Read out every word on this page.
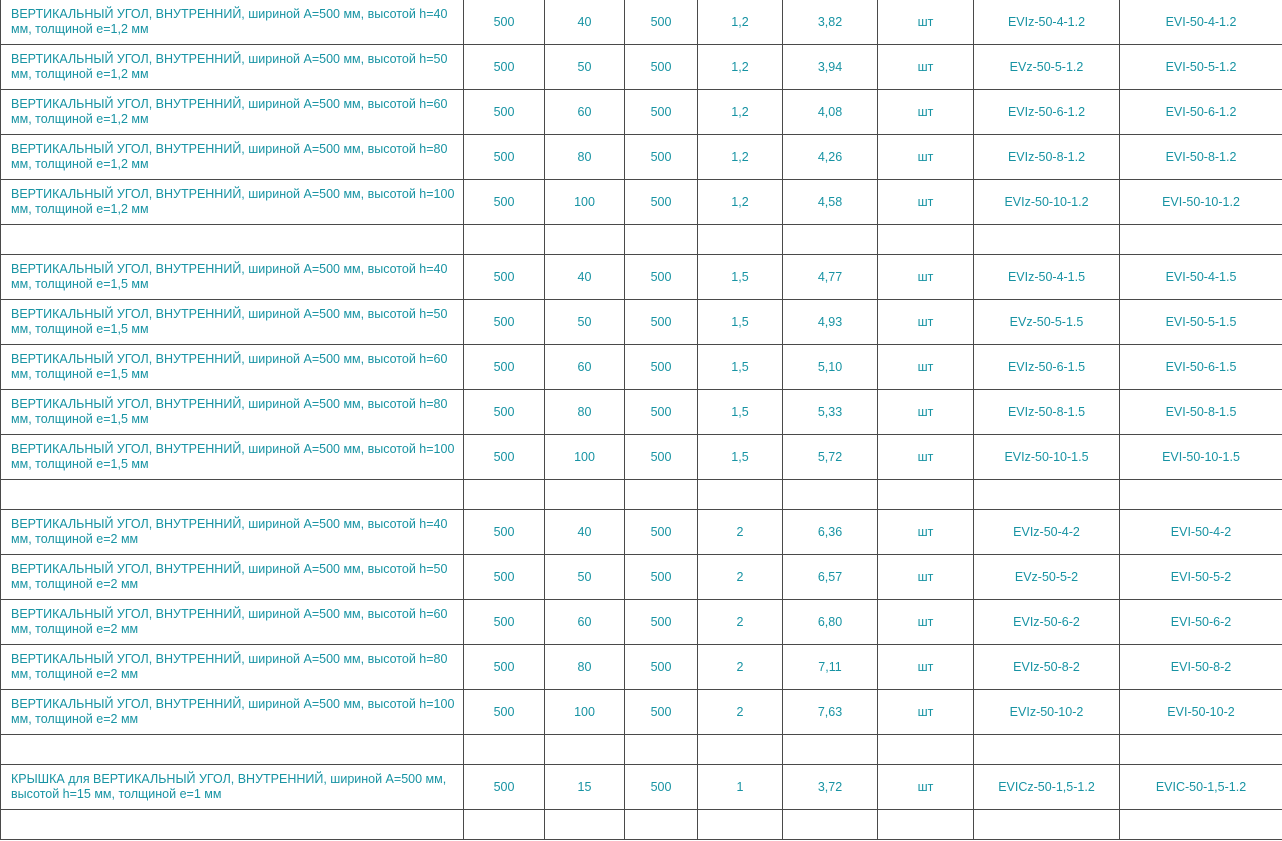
ВЕРТИКАЛЬНЫЙ УГОЛ, ВНУТРЕННИЙ, шириной А=500 мм, высотой h=40 мм, толщиной е=1,2 мм	500	40	500	1,2	3,82	шт	EVIz-50-4-1.2	EVI-50-4-1.2
ВЕРТИКАЛЬНЫЙ УГОЛ, ВНУТРЕННИЙ, шириной А=500 мм, высотой h=50 мм, толщиной е=1,2 мм	500	50	500	1,2	3,94	шт	EVz-50-5-1.2	EVI-50-5-1.2
ВЕРТИКАЛЬНЫЙ УГОЛ, ВНУТРЕННИЙ, шириной А=500 мм, высотой h=60 мм, толщиной е=1,2 мм	500	60	500	1,2	4,08	шт	EVIz-50-6-1.2	EVI-50-6-1.2
ВЕРТИКАЛЬНЫЙ УГОЛ, ВНУТРЕННИЙ, шириной А=500 мм, высотой h=80 мм, толщиной е=1,2 мм	500	80	500	1,2	4,26	шт	EVIz-50-8-1.2	EVI-50-8-1.2
ВЕРТИКАЛЬНЫЙ УГОЛ, ВНУТРЕННИЙ, шириной А=500 мм, высотой h=100 мм, толщиной е=1,2 мм	500	100	500	1,2	4,58	шт	EVIz-50-10-1.2	EVI-50-10-1.2

ВЕРТИКАЛЬНЫЙ УГОЛ, ВНУТРЕННИЙ, шириной А=500 мм, высотой h=40 мм, толщиной е=1,5 мм	500	40	500	1,5	4,77	шт	EVIz-50-4-1.5	EVI-50-4-1.5
ВЕРТИКАЛЬНЫЙ УГОЛ, ВНУТРЕННИЙ, шириной А=500 мм, высотой h=50 мм, толщиной е=1,5 мм	500	50	500	1,5	4,93	шт	EVz-50-5-1.5	EVI-50-5-1.5
ВЕРТИКАЛЬНЫЙ УГОЛ, ВНУТРЕННИЙ, шириной А=500 мм, высотой h=60 мм, толщиной е=1,5 мм	500	60	500	1,5	5,10	шт	EVIz-50-6-1.5	EVI-50-6-1.5
ВЕРТИКАЛЬНЫЙ УГОЛ, ВНУТРЕННИЙ, шириной А=500 мм, высотой h=80 мм, толщиной е=1,5 мм	500	80	500	1,5	5,33	шт	EVIz-50-8-1.5	EVI-50-8-1.5
ВЕРТИКАЛЬНЫЙ УГОЛ, ВНУТРЕННИЙ, шириной А=500 мм, высотой h=100 мм, толщиной е=1,5 мм	500	100	500	1,5	5,72	шт	EVIz-50-10-1.5	EVI-50-10-1.5

ВЕРТИКАЛЬНЫЙ УГОЛ, ВНУТРЕННИЙ, шириной А=500 мм, высотой h=40 мм, толщиной е=2 мм	500	40	500	2	6,36	шт	EVIz-50-4-2	EVI-50-4-2
ВЕРТИКАЛЬНЫЙ УГОЛ, ВНУТРЕННИЙ, шириной А=500 мм, высотой h=50 мм, толщиной е=2 мм	500	50	500	2	6,57	шт	EVz-50-5-2	EVI-50-5-2
ВЕРТИКАЛЬНЫЙ УГОЛ, ВНУТРЕННИЙ, шириной А=500 мм, высотой h=60 мм, толщиной е=2 мм	500	60	500	2	6,80	шт	EVIz-50-6-2	EVI-50-6-2
ВЕРТИКАЛЬНЫЙ УГОЛ, ВНУТРЕННИЙ, шириной А=500 мм, высотой h=80 мм, толщиной е=2 мм	500	80	500	2	7,11	шт	EVIz-50-8-2	EVI-50-8-2
ВЕРТИКАЛЬНЫЙ УГОЛ, ВНУТРЕННИЙ, шириной А=500 мм, высотой h=100 мм, толщиной е=2 мм	500	100	500	2	7,63	шт	EVIz-50-10-2	EVI-50-10-2

КРЫШКА для ВЕРТИКАЛЬНЫЙ УГОЛ, ВНУТРЕННИЙ, шириной А=500 мм, высотой h=15 мм, толщиной е=1 мм	500	15	500	1	3,72	шт	EVICz-50-1,5-1.2	EVIC-50-1,5-1.2
